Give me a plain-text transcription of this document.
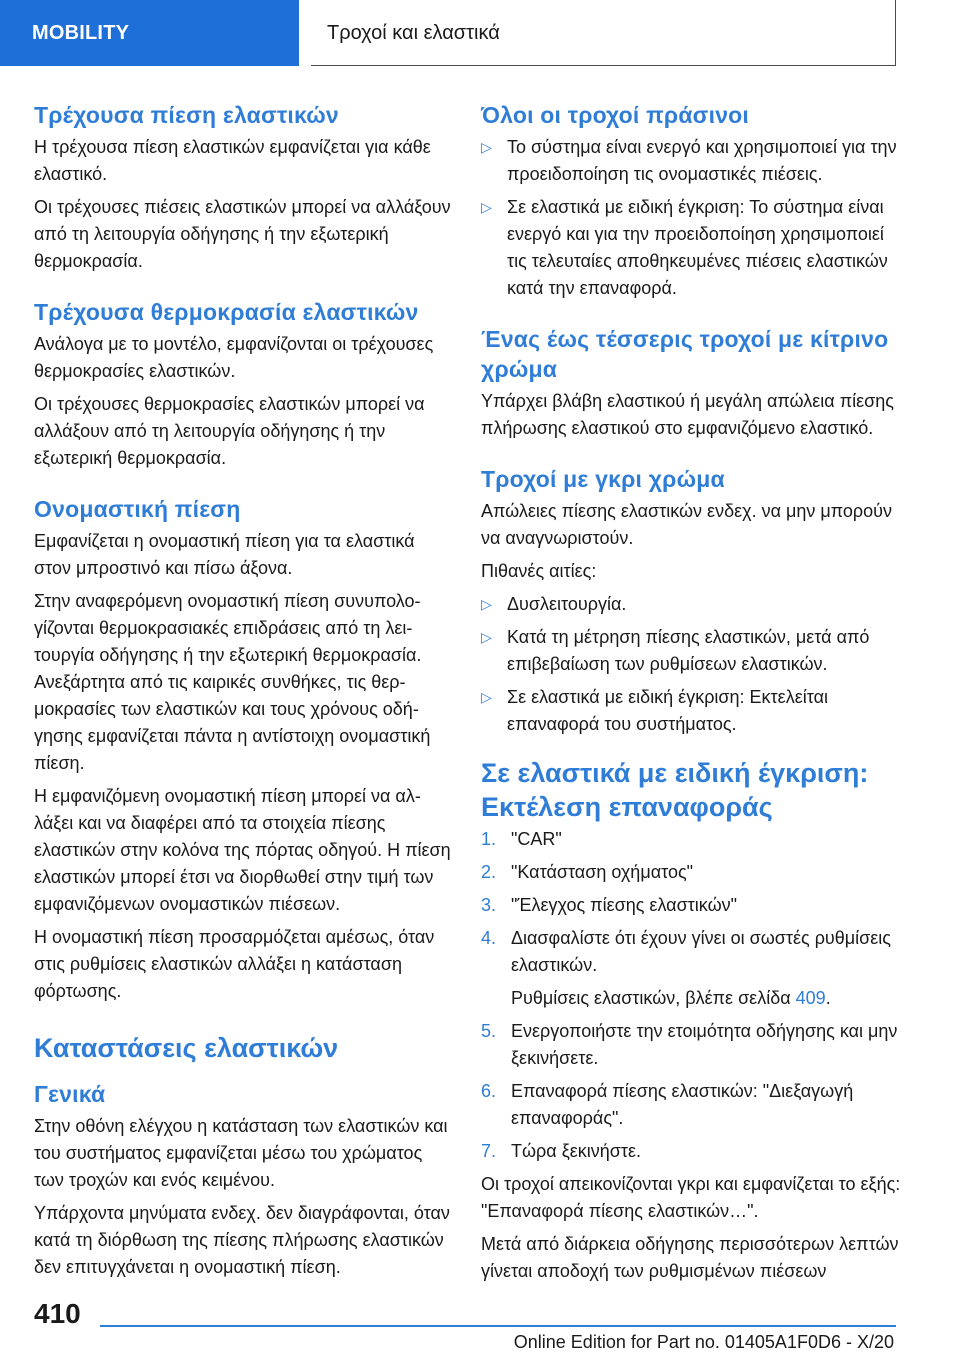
MOBILITY	Τροχοί και ελαστικά
Τρέχουσα πίεση ελαστικών

Η τρέχουσα πίεση ελαστικών εμφανίζεται για κάθε ελαστικό.

Οι τρέχουσες πιέσεις ελαστικών μπορεί να αλλάξουν από τη λειτουργία οδήγησης ή την εξωτερική θερμοκρασία.

Τρέχουσα θερμοκρασία ελαστικών

Ανάλογα με το μοντέλο, εμφανίζονται οι τρέχουσες θερμοκρασίες ελαστικών.

Οι τρέχουσες θερμοκρασίες ελαστικών μπορεί να αλλάξουν από τη λειτουργία οδήγησης ή την εξωτερική θερμοκρασία.

Ονομαστική πίεση

Εμφανίζεται η ονομαστική πίεση για τα ελαστικά στον μπροστινό και πίσω άξονα.

Στην αναφερόμενη ονομαστική πίεση συνυπολογίζονται θερμοκρασιακές επιδράσεις από τη λειτουργία οδήγησης ή την εξωτερική θερμοκρασία. Ανεξάρτητα από τις καιρικές συνθήκες, τις θερμοκρασίες των ελαστικών και τους χρόνους οδήγησης εμφανίζεται πάντα η αντίστοιχη ονομαστική πίεση.

Η εμφανιζόμενη ονομαστική πίεση μπορεί να αλλάξει και να διαφέρει από τα στοιχεία πίεσης ελαστικών στην κολόνα της πόρτας οδηγού. Η πίεση ελαστικών μπορεί έτσι να διορθωθεί στην τιμή των εμφανιζόμενων ονομαστικών πιέσεων.

Η ονομαστική πίεση προσαρμόζεται αμέσως, όταν στις ρυθμίσεις ελαστικών αλλάξει η κατάσταση φόρτωσης.

Καταστάσεις ελαστικών
Γενικά

Στην οθόνη ελέγχου η κατάσταση των ελαστικών και του συστήματος εμφανίζεται μέσω του χρώματος των τροχών και ενός κειμένου.

Υπάρχοντα μηνύματα ενδεχ. δεν διαγράφονται, όταν κατά τη διόρθωση της πίεσης πλήρωσης ελαστικών δεν επιτυγχάνεται η ονομαστική πίεση.

Όλοι οι τροχοί πράσινοι
▷ Το σύστημα είναι ενεργό και χρησιμοποιεί για την προειδοποίηση τις ονομαστικές πιέσεις.
▷ Σε ελαστικά με ειδική έγκριση: Το σύστημα είναι ενεργό και για την προειδοποίηση χρησιμοποιεί τις τελευταίες αποθηκευμένες πιέσεις ελαστικών κατά την επαναφορά.
Ένας έως τέσσερις τροχοί με κίτρινο χρώμα

Υπάρχει βλάβη ελαστικού ή μεγάλη απώλεια πίεσης πλήρωσης ελαστικού στο εμφανιζόμενο ελαστικό.

Τροχοί με γκρι χρώμα

Απώλειες πίεσης ελαστικών ενδεχ. να μην μπορούν να αναγνωριστούν.

Πιθανές αιτίες:

▷ Δυσλειτουργία.
▷ Κατά τη μέτρηση πίεσης ελαστικών, μετά από επιβεβαίωση των ρυθμίσεων ελαστικών.
▷ Σε ελαστικά με ειδική έγκριση: Εκτελείται επαναφορά του συστήματος.
Σε ελαστικά με ειδική έγκριση: Εκτέλεση επαναφοράς
1. "CAR"
2. "Κατάσταση οχήματος"
3. "Έλεγχος πίεσης ελαστικών"
4. Διασφαλίστε ότι έχουν γίνει οι σωστές ρυθμίσεις ελαστικών.

Ρυθμίσεις ελαστικών, βλέπε σελίδα 409.

5. Ενεργοποιήστε την ετοιμότητα οδήγησης και μην ξεκινήσετε.
6. Επαναφορά πίεσης ελαστικών: "Διεξαγωγή επαναφοράς".
7. Τώρα ξεκινήστε.

Οι τροχοί απεικονίζονται γκρι και εμφανίζεται το εξής: "Επαναφορά πίεσης ελαστικών…".

Μετά από διάρκεια οδήγησης περισσότερων λεπτών γίνεται αποδοχή των ρυθμισμένων πιέσεων

410
Online Edition for Part no. 01405A1F0D6 - X/20
